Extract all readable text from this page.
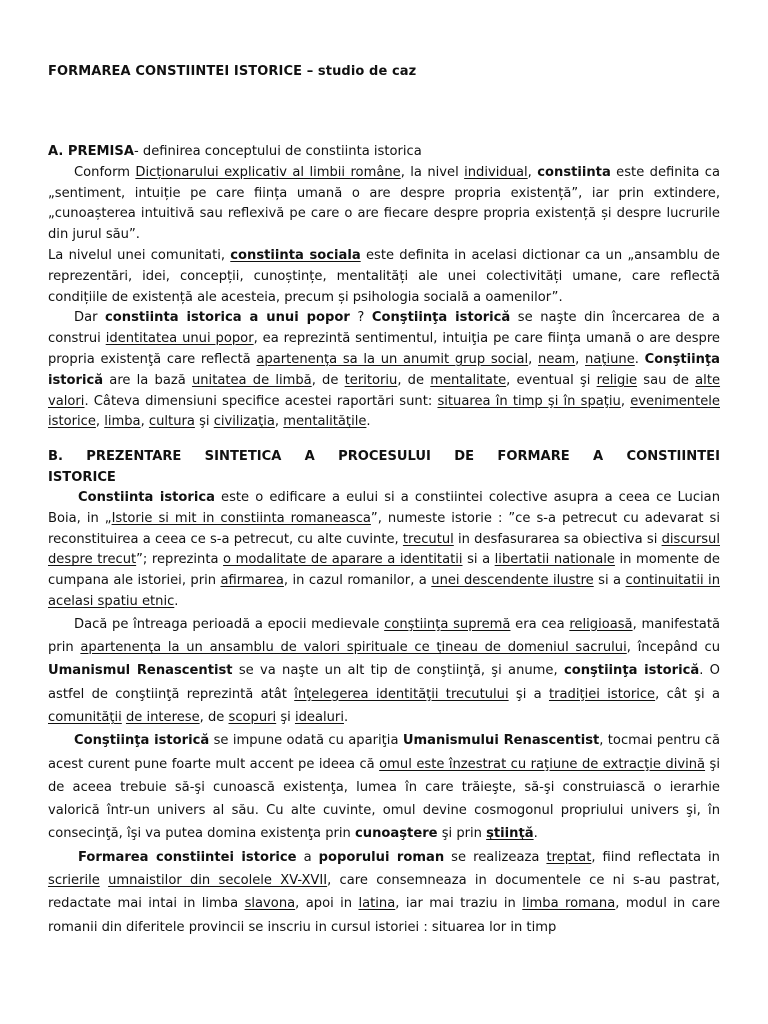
FORMAREA CONSTIINTEI ISTORICE – studio de caz

A. PREMISA- definirea conceptului de constiinta istorica

Conform Dicționarului explicativ al limbii române, la nivel individual, constiinta este definita ca „sentiment, intuiție pe care ființa umană o are despre propria existență”, iar prin extindere, „cunoașterea intuitivă sau reflexivă pe care o are fiecare despre propria existență și despre lucrurile din jurul său”.

La nivelul unei comunitati, constiinta sociala este definita in acelasi dictionar ca un „ansamblu de reprezentări, idei, concepții, cunoștințe, mentalități ale unei colectivități umane, care reflectă condițiile de existență ale acesteia, precum și psihologia socială a oamenilor”.

Dar constiinta istorica a unui popor ? Conştiinţa istorică se naşte din încercarea de a construi identitatea unui popor, ea reprezintă sentimentul, intuiţia pe care fiinţa umană o are despre propria existenţă care reflectă apartenenţa sa la un anumit grup social, neam, naţiune. Conştiinţa istorică are la bază unitatea de limbă, de teritoriu, de mentalitate, eventual şi religie sau de alte valori. Câteva dimensiuni specifice acestei raportări sunt: situarea în timp şi în spaţiu, evenimentele istorice, limba, cultura şi civilizaţia, mentalităţile.

B. PREZENTARE SINTETICA A PROCESULUI DE FORMARE A CONSTIINTEI
ISTORICE

Constiinta istorica este o edificare a eului si a constiintei colective asupra a ceea ce Lucian Boia, in „Istorie si mit in constiinta romaneasca”, numeste istorie : ”ce s-a petrecut cu adevarat si reconstituirea a ceea ce s-a petrecut, cu alte cuvinte, trecutul in desfasurarea sa obiectiva si discursul despre trecut”; reprezinta o modalitate de aparare a identitatii si a libertatii nationale in momente de cumpana ale istoriei, prin afirmarea, in cazul romanilor, a unei descendente ilustre si a continuitatii in acelasi spatiu etnic.

Dacă pe întreaga perioadă a epocii medievale conştiinţa supremă era cea religioasă, manifestată prin apartenenţa la un ansamblu de valori spirituale ce ţineau de domeniul sacrului, începând cu Umanismul Renascentist se va naşte un alt tip de conştiinţă, şi anume, conştiinţa istorică. O astfel de conştiinţă reprezintă atât înţelegerea identităţii trecutului şi a tradiţiei istorice, cât şi a comunităţii de interese, de scopuri şi idealuri.

Conştiinţa istorică se impune odată cu apariţia Umanismului Renascentist, tocmai pentru că acest curent pune foarte mult accent pe ideea că omul este înzestrat cu raţiune de extracţie divină şi de aceea trebuie să-şi cunoască existenţa, lumea în care trăieşte, să-şi construiască o ierarhie valorică într-un univers al său. Cu alte cuvinte, omul devine cosmogonul propriului univers şi, în consecinţă, îşi va putea domina existenţa prin cunoaştere şi prin ştiinţă.

Formarea constiintei istorice a poporului roman se realizeaza treptat, fiind reflectata in scrierile umnaistilor din secolele XV-XVII, care consemneaza in documentele ce ni s-au pastrat, redactate mai intai in limba slavona, apoi in latina, iar mai traziu in limba romana, modul in care romanii din diferitele provincii se inscriu in cursul istoriei : situarea lor in timp
